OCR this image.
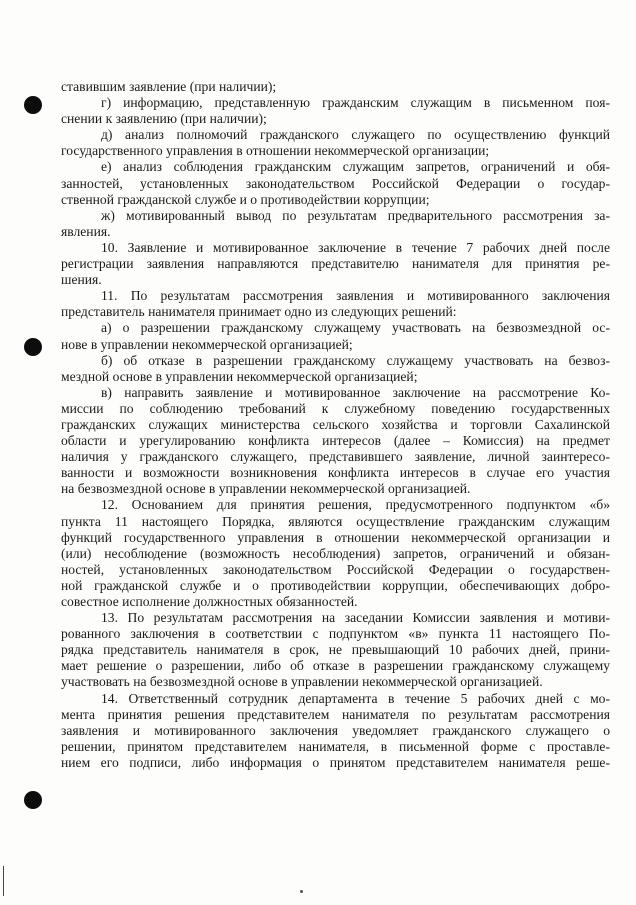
ставившим заявление (при наличии);
г) информацию, представленную гражданским служащим в письменном поя-
снении к заявлению (при наличии);
д) анализ полномочий гражданского служащего по осуществлению функций
государственного управления в отношении некоммерческой организации;
е) анализ соблюдения гражданским служащим запретов, ограничений и обя-
занностей, установленных законодательством Российской Федерации о государ-
ственной гражданской службе и о противодействии коррупции;
ж) мотивированный вывод по результатам предварительного рассмотрения за-
явления.
10. Заявление и мотивированное заключение в течение 7 рабочих дней после
регистрации заявления направляются представителю нанимателя для принятия ре-
шения.
11. По результатам рассмотрения заявления и мотивированного заключения
представитель нанимателя принимает одно из следующих решений:
а) о разрешении гражданскому служащему участвовать на безвозмездной ос-
нове в управлении некоммерческой организацией;
б) об отказе в разрешении гражданскому служащему участвовать на безвоз-
мездной основе в управлении некоммерческой организацией;
в) направить заявление и мотивированное заключение на рассмотрение Ко-
миссии по соблюдению требований к служебному поведению государственных
гражданских служащих министерства сельского хозяйства и торговли Сахалинской
области и урегулированию конфликта интересов (далее – Комиссия) на предмет
наличия у гражданского служащего, представившего заявление, личной заинтересо-
ванности и возможности возникновения конфликта интересов в случае его участия
на безвозмездной основе в управлении некоммерческой организацией.
12. Основанием для принятия решения, предусмотренного подпунктом «б»
пункта 11 настоящего Порядка, являются осуществление гражданским служащим
функций государственного управления в отношении некоммерческой организации и
(или) несоблюдение (возможность несоблюдения) запретов, ограничений и обязан-
ностей, установленных законодательством Российской Федерации о государствен-
ной гражданской службе и о противодействии коррупции, обеспечивающих добро-
совестное исполнение должностных обязанностей.
13. По результатам рассмотрения на заседании Комиссии заявления и мотиви-
рованного заключения в соответствии с подпунктом «в» пункта 11 настоящего По-
рядка представитель нанимателя в срок, не превышающий 10 рабочих дней, прини-
мает решение о разрешении, либо об отказе в разрешении гражданскому служащему
участвовать на безвозмездной основе в управлении некоммерческой организацией.
14. Ответственный сотрудник департамента в течение 5 рабочих дней с мо-
мента принятия решения представителем нанимателя по результатам рассмотрения
заявления и мотивированного заключения уведомляет гражданского служащего о
решении, принятом представителем нанимателя, в письменной форме с проставле-
нием его подписи, либо информация о принятом представителем нанимателя реше-
